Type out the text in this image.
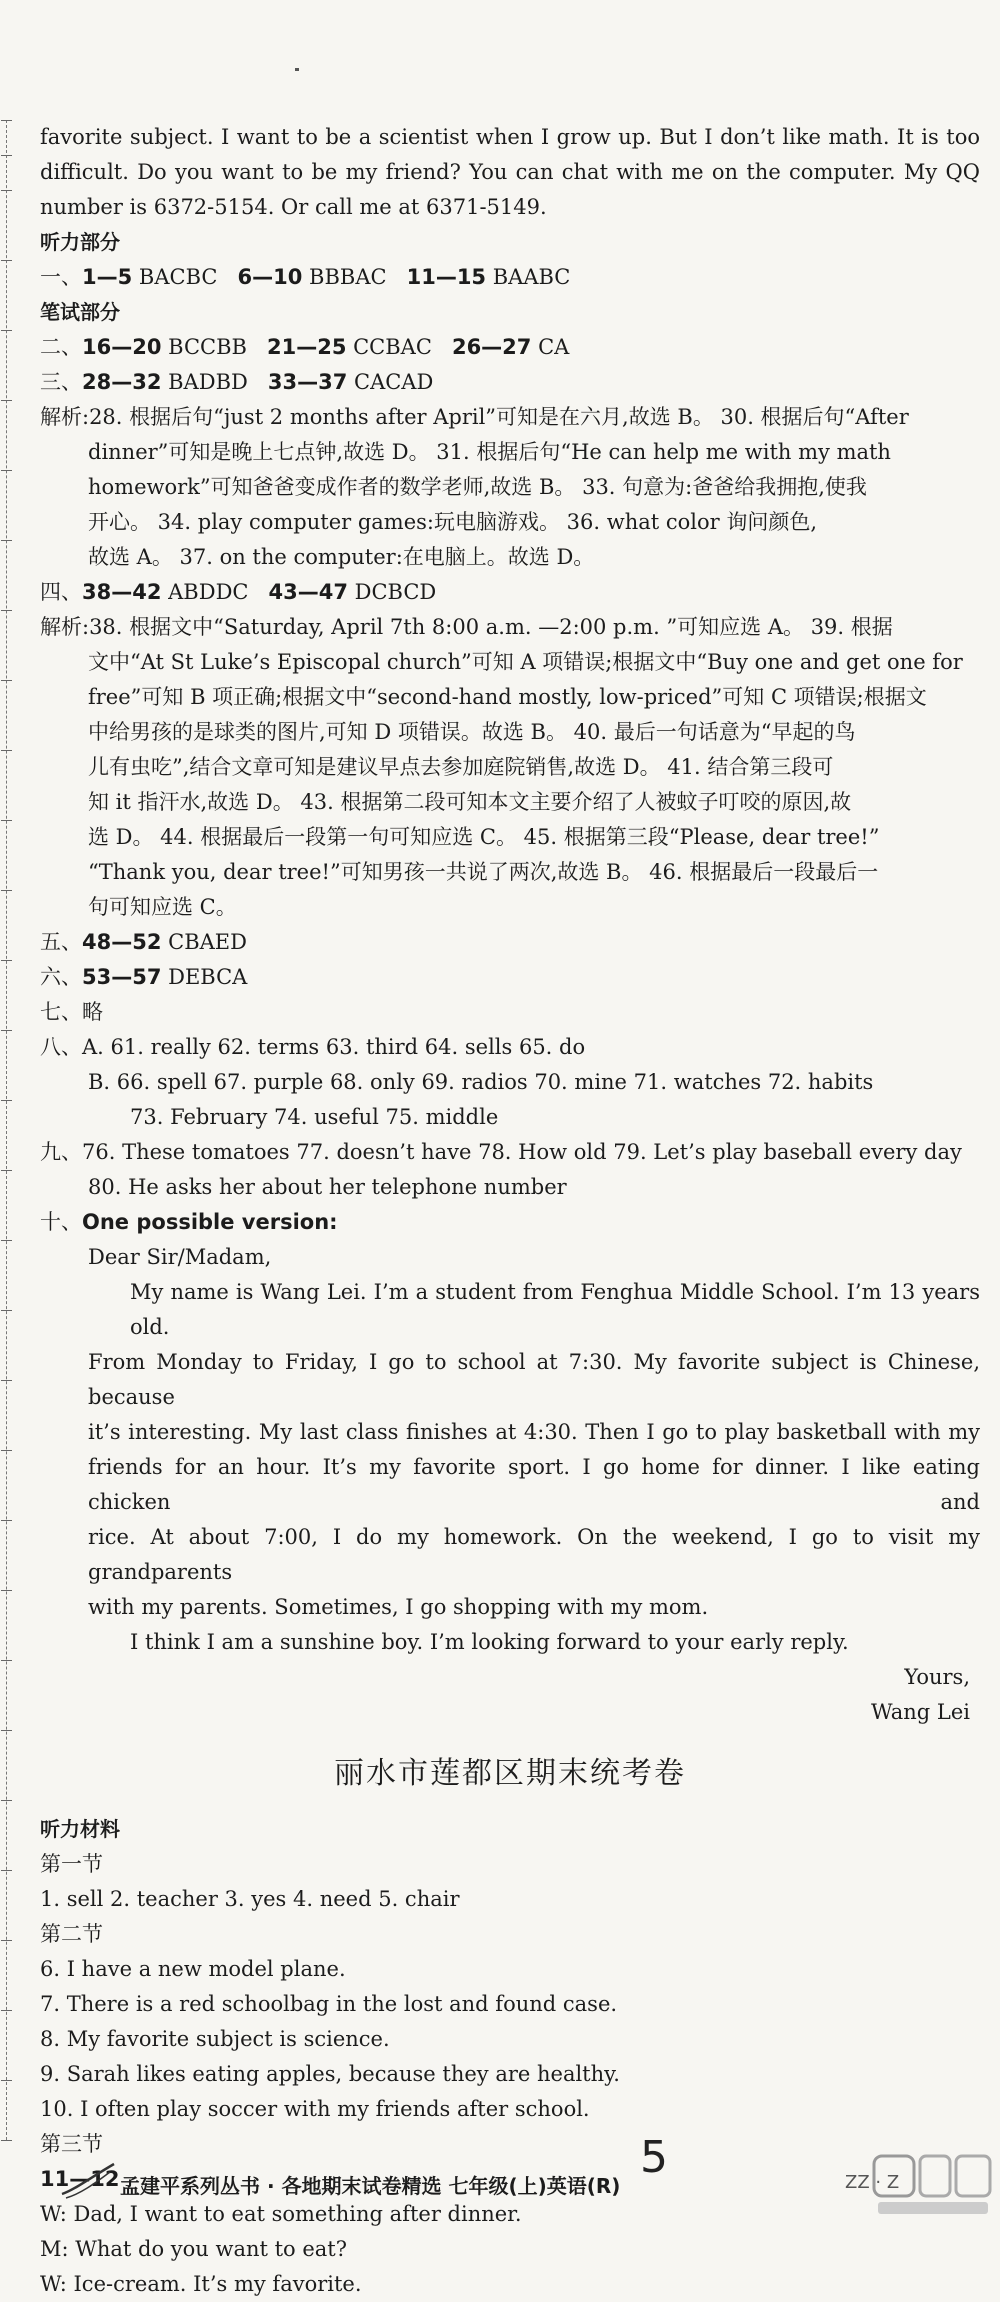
favorite subject. I want to be a scientist when I grow up. But I don’t like math. It is too
difficult. Do you want to be my friend? You can chat with me on the computer. My QQ
number is 6372-5154. Or call me at 6371-5149.
听力部分
一、1—5 BACBC 6—10 BBBAC 11—15 BAABC
笔试部分
二、16—20 BCCBB 21—25 CCBAC 26—27 CA
三、28—32 BADBD 33—37 CACAD
解析:28. 根据后句“just 2 months after April”可知是在六月,故选 B。 30. 根据后句“After
dinner”可知是晚上七点钟,故选 D。 31. 根据后句“He can help me with my math
homework”可知爸爸变成作者的数学老师,故选 B。 33. 句意为:爸爸给我拥抱,使我
开心。 34. play computer games:玩电脑游戏。 36. what color 询问颜色,
故选 A。 37. on the computer:在电脑上。故选 D。
四、38—42 ABDDC 43—47 DCBCD
解析:38. 根据文中“Saturday, April 7th 8:00 a.m. —2:00 p.m. ”可知应选 A。 39. 根据
文中“At St Luke’s Episcopal church”可知 A 项错误;根据文中“Buy one and get one for
free”可知 B 项正确;根据文中“second-hand mostly, low-priced”可知 C 项错误;根据文
中给男孩的是球类的图片,可知 D 项错误。故选 B。 40. 最后一句话意为“早起的鸟
儿有虫吃”,结合文章可知是建议早点去参加庭院销售,故选 D。 41. 结合第三段可
知 it 指汗水,故选 D。 43. 根据第二段可知本文主要介绍了人被蚊子叮咬的原因,故
选 D。 44. 根据最后一段第一句可知应选 C。 45. 根据第三段“Please, dear tree!”
“Thank you, dear tree!”可知男孩一共说了两次,故选 B。 46. 根据最后一段最后一
句可知应选 C。
五、48—52 CBAED
六、53—57 DEBCA
七、略
八、A. 61. really 62. terms 63. third 64. sells 65. do
B. 66. spell 67. purple 68. only 69. radios 70. mine 71. watches 72. habits
73. February 74. useful 75. middle
九、76. These tomatoes 77. doesn’t have 78. How old 79. Let’s play baseball every day
80. He asks her about her telephone number
十、One possible version:
Dear Sir/Madam,
My name is Wang Lei. I’m a student from Fenghua Middle School. I’m 13 years old.
From Monday to Friday, I go to school at 7:30. My favorite subject is Chinese, because
it’s interesting. My last class finishes at 4:30. Then I go to play basketball with my
friends for an hour. It’s my favorite sport. I go home for dinner. I like eating chicken and
rice. At about 7:00, I do my homework. On the weekend, I go to visit my grandparents
with my parents. Sometimes, I go shopping with my mom.
I think I am a sunshine boy. I’m looking forward to your early reply.
Yours,
Wang Lei
丽水市莲都区期末统考卷
听力材料
第一节
1. sell 2. teacher 3. yes 4. need 5. chair
第二节
6. I have a new model plane.
7. There is a red schoolbag in the lost and found case.
8. My favorite subject is science.
9. Sarah likes eating apples, because they are healthy.
10. I often play soccer with my friends after school.
第三节
11—12
W: Dad, I want to eat something after dinner.
M: What do you want to eat?
W: Ice-cream. It’s my favorite.
孟建平系列丛书 · 各地期末试卷精选 七年级(上)英语(R)
5	ZZ · Z
